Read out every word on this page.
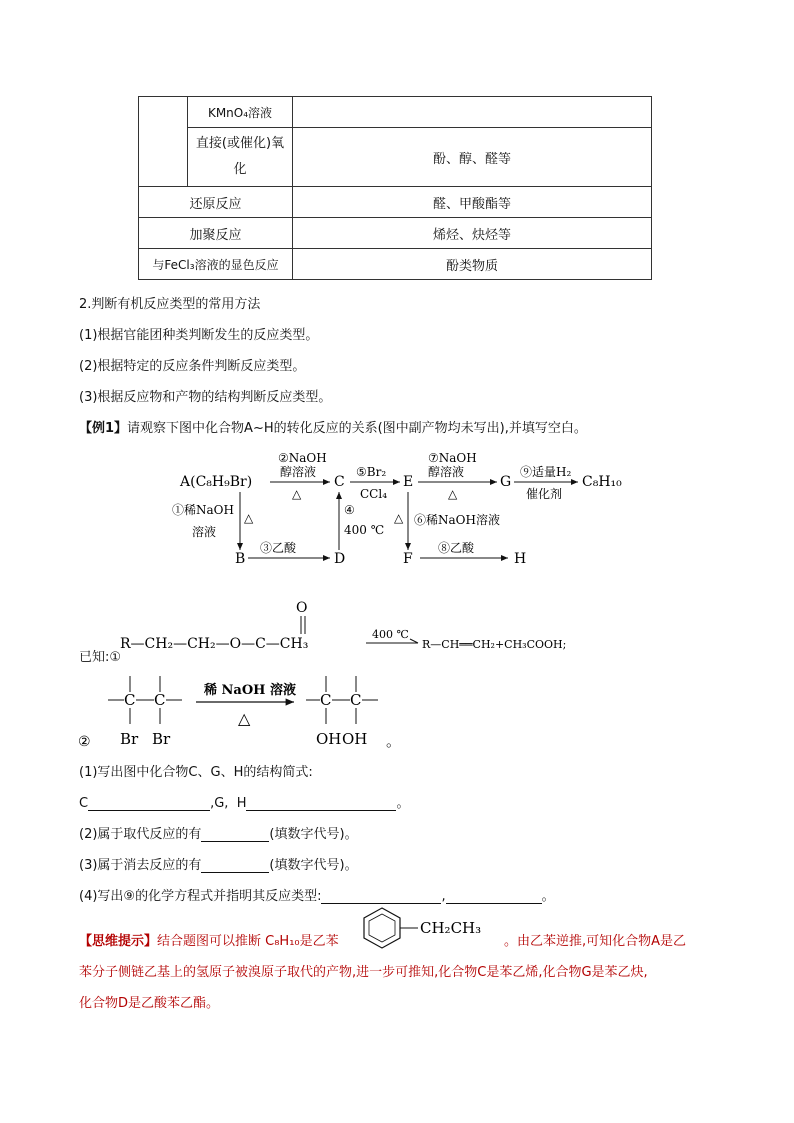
	KMnO₄溶液	
	直接(或催化)氧化	酚、醇、醛等
还原反应		醛、甲酸酯等
加聚反应		烯烃、炔烃等
与FeCl₃溶液的显色反应		酚类物质
2.判断有机反应类型的常用方法
(1)根据官能团种类判断发生的反应类型。
(2)根据特定的反应条件判断反应类型。
(3)根据反应物和产物的结构判断反应类型。
【例1】请观察下图中化合物A~H的转化反应的关系(图中副产物均未写出),并填写空白。
A(C₈H₉Br)	C	E	G	C₈H₁₀
B	D	F	H
②NaOH
醇溶液
△
⑤Br₂
CCl₄
⑦NaOH
醇溶液
△
⑨适量H₂
催化剂
①稀NaOH
溶液
△
④
400 ℃
△ ⑥稀NaOH溶液
③乙酸	⑧乙酸
已知:①
O
R—CH₂—CH₂—O—C—CH₃
400 ℃
R—CH══CH₂+CH₃COOH;
②
C C
Br Br
C C
OH OH 。
稀 NaOH 溶液
△
(1)写出图中化合物C、G、H的结构简式:
C	,G, H	。
(2)属于取代反应的有	(填数字代号)。
(3)属于消去反应的有	(填数字代号)。
(4)写出⑨的化学方程式并指明其反应类型:	,	。
【思维提示】结合题图可以推断 C₈H₁₀是乙苯
CH₂CH₃
。由乙苯逆推,可知化合物A是乙
苯分子侧链乙基上的氢原子被溴原子取代的产物,进一步可推知,化合物C是苯乙烯,化合物G是苯乙炔,
化合物D是乙酸苯乙酯。
